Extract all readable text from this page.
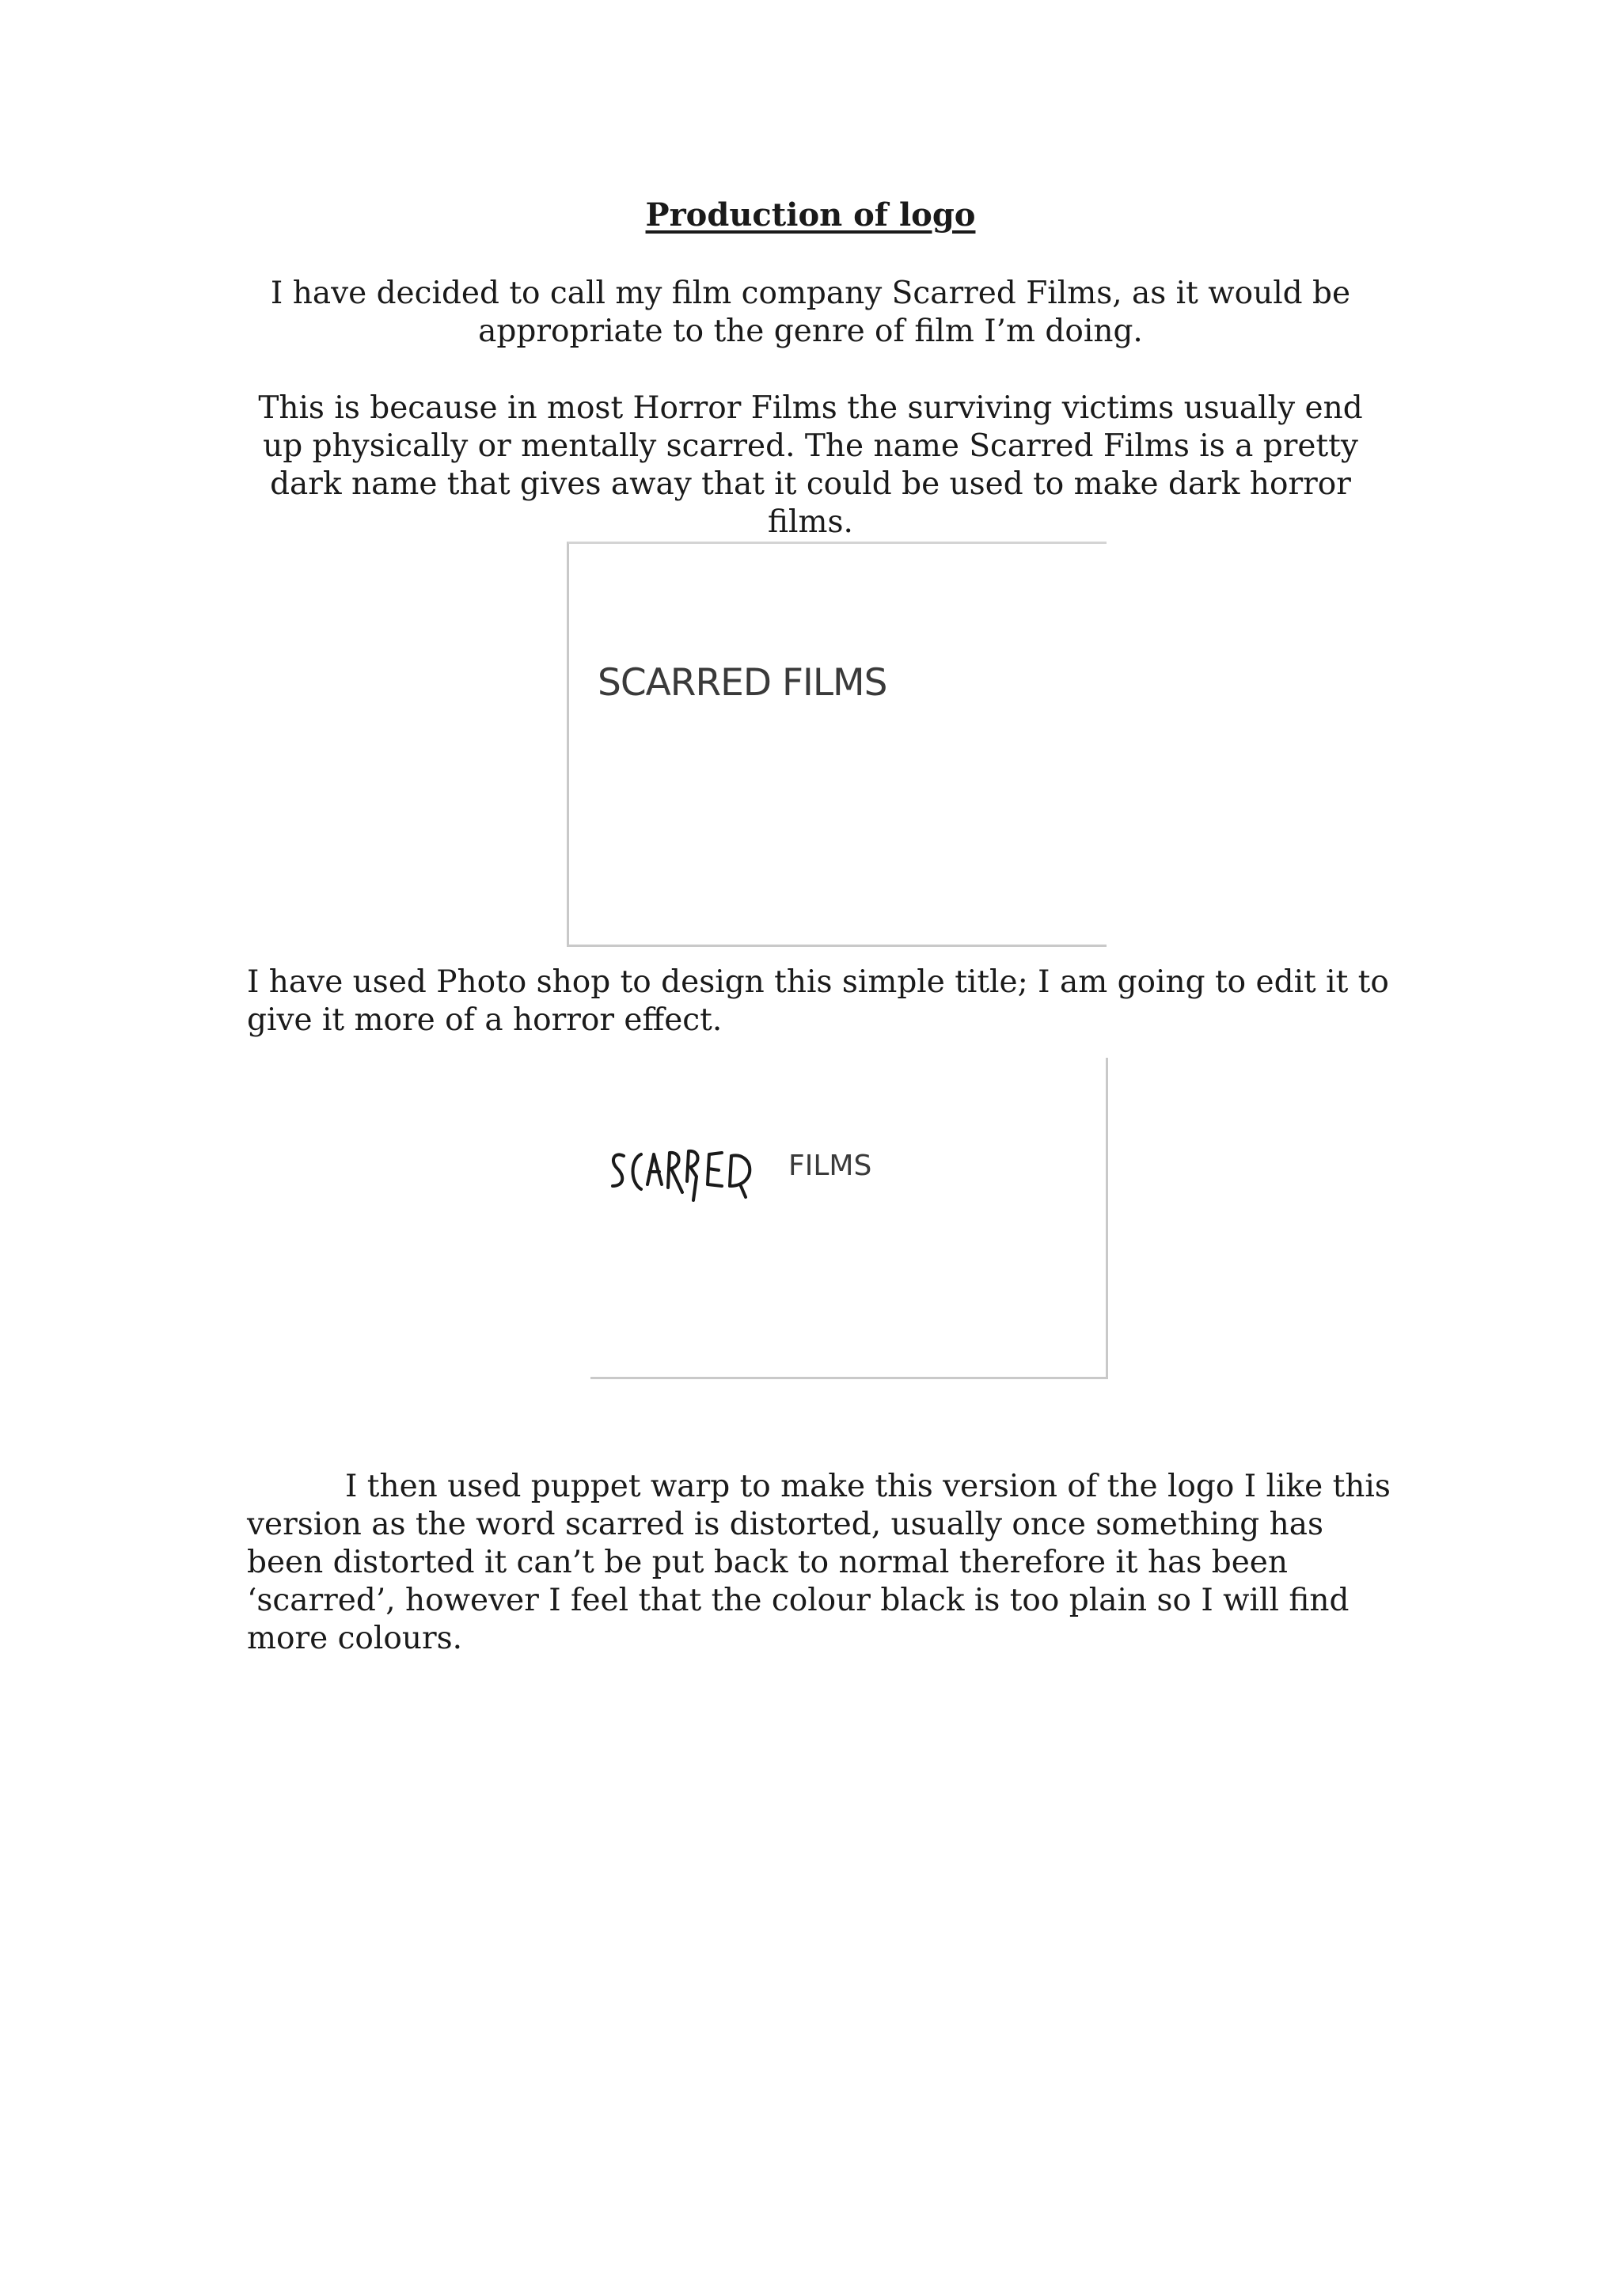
Production of logo
I have decided to call my film company Scarred Films, as it would be appropriate to the genre of film I’m doing.
This is because in most Horror Films the surviving victims usually end up physically or mentally scarred. The name Scarred Films is a pretty dark name that gives away that it could be used to make dark horror films.
SCARRED FILMS
I have used Photo shop to design this simple title; I am going to edit it to give it more of a horror effect.
FILMS
I then used puppet warp to make this version of the logo I like this version as the word scarred is distorted, usually once something has been distorted it can’t be put back to normal therefore it has been ‘scarred’, however I feel that the colour black is too plain so I will find more colours.
